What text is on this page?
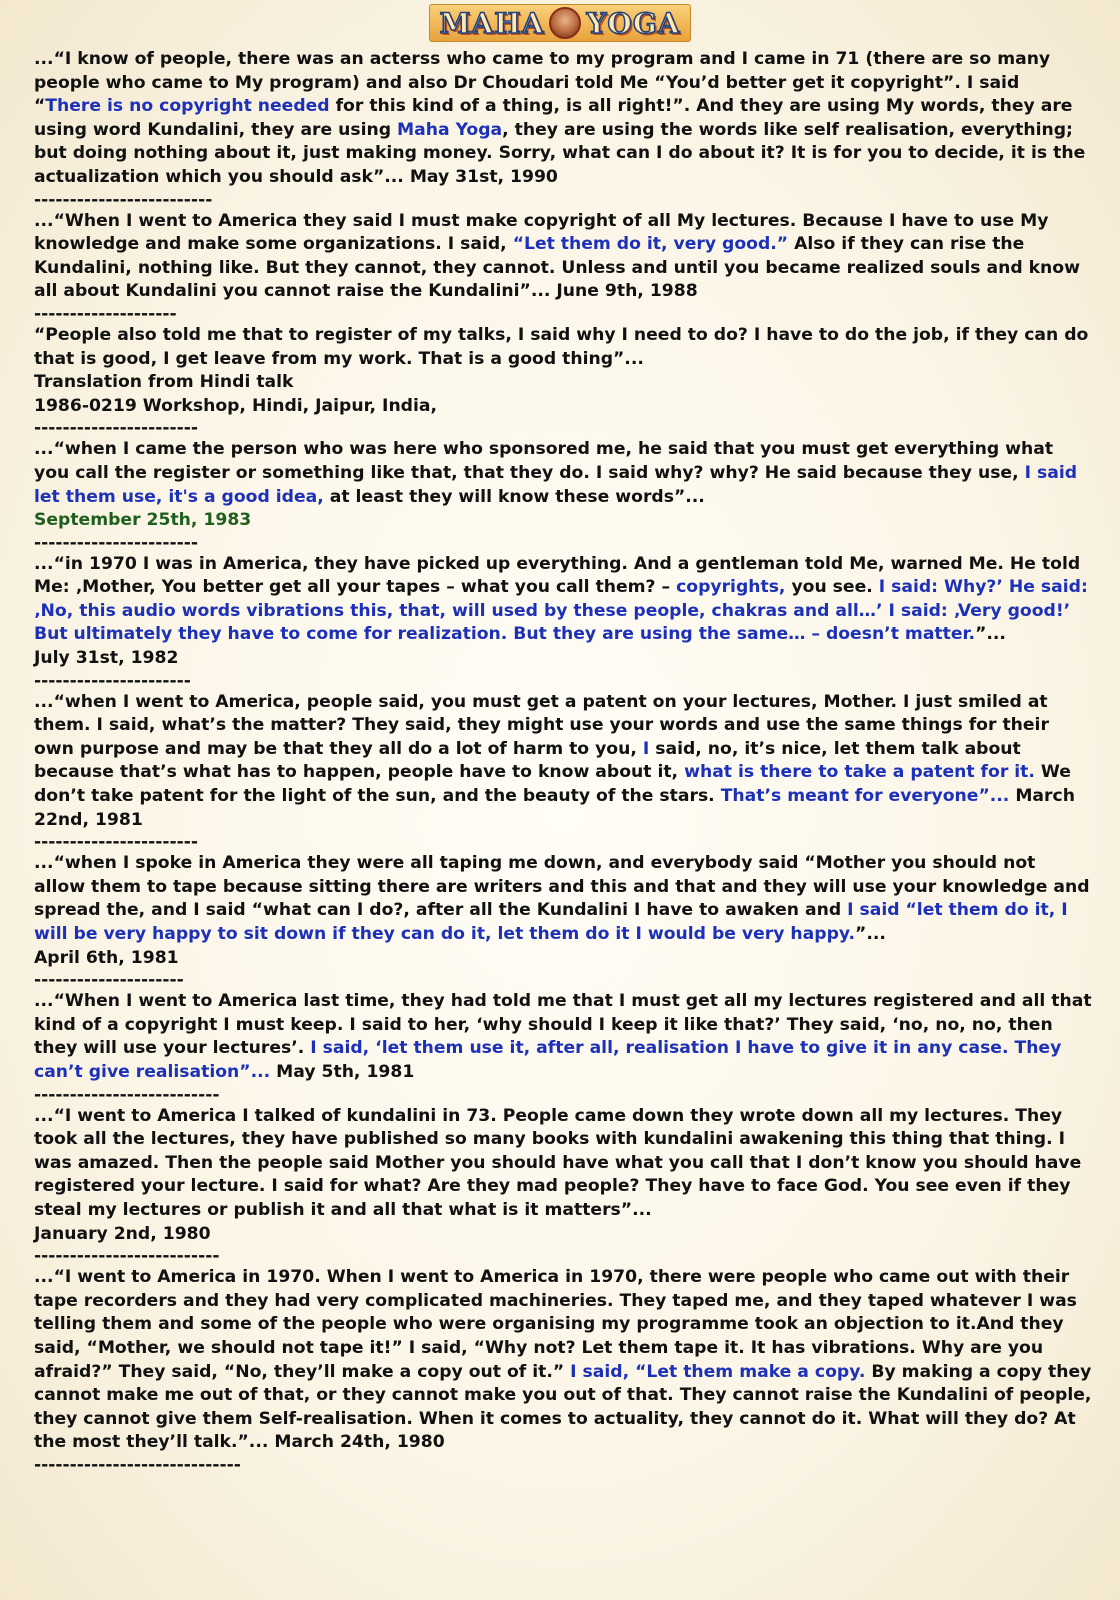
MAHA YOGA

...“I know of people, there was an acterss who came to my program and I came in 71 (there are so many people who came to My program) and also Dr Choudari told Me “You’d better get it copyright”. I said “There is no copyright needed for this kind of a thing, is all right!”. And they are using My words, they are using word Kundalini, they are using Maha Yoga, they are using the words like self realisation, everything; but doing nothing about it, just making money. Sorry, what can I do about it? It is for you to decide, it is the actualization which you should ask”... May 31st, 1990

-------------------------

...“When I went to America they said I must make copyright of all My lectures. Because I have to use My knowledge and make some organizations. I said, “Let them do it, very good.” Also if they can rise the Kundalini, nothing like. But they cannot, they cannot. Unless and until you became realized souls and know all about Kundalini you cannot raise the Kundalini”... June 9th, 1988

--------------------

“People also told me that to register of my talks, I said why I need to do? I have to do the job, if they can do that is good, I get leave from my work. That is a good thing”...

Translation from Hindi talk

1986-0219 Workshop, Hindi, Jaipur, India,

-----------------------

...“when I came the person who was here who sponsored me, he said that you must get everything what you call the register or something like that, that they do. I said why? why? He said because they use, I said let them use, it's a good idea, at least they will know these words”...

September 25th, 1983

-----------------------

...“in 1970 I was in America, they have picked up everything. And a gentleman told Me, warned Me. He told Me: ‚Mother, You better get all your tapes – what you call them? – copyrights, you see. I said: Why?’ He said: ‚No, this audio words vibrations this, that, will used by these people, chakras and all…’ I said: ‚Very good!’ But ultimately they have to come for realization. But they are using the same… – doesn’t matter.”...

July 31st, 1982

----------------------

...“when I went to America, people said, you must get a patent on your lectures, Mother. I just smiled at them. I said, what’s the matter? They said, they might use your words and use the same things for their own purpose and may be that they all do a lot of harm to you, I said, no, it’s nice, let them talk about because that’s what has to happen, people have to know about it, what is there to take a patent for it. We don’t take patent for the light of the sun, and the beauty of the stars. That’s meant for everyone”... March 22nd, 1981

-----------------------

...“when I spoke in America they were all taping me down, and everybody said “Mother you should not allow them to tape because sitting there are writers and this and that and they will use your knowledge and spread the, and I said “what can I do?, after all the Kundalini I have to awaken and I said “let them do it, I will be very happy to sit down if they can do it, let them do it I would be very happy.”...

April 6th, 1981

---------------------

...“When I went to America last time, they had told me that I must get all my lectures registered and all that kind of a copyright I must keep. I said to her, ‘why should I keep it like that?’ They said, ‘no, no, no, then they will use your lectures’. I said, ‘let them use it, after all, realisation I have to give it in any case. They can’t give realisation”... May 5th, 1981

--------------------------

...“I went to America I talked of kundalini in 73. People came down they wrote down all my lectures. They took all the lectures, they have published so many books with kundalini awakening this thing that thing. I was amazed. Then the people said Mother you should have what you call that I don’t know you should have registered your lecture. I said for what? Are they mad people? They have to face God. You see even if they steal my lectures or publish it and all that what is it matters”...

January 2nd, 1980

--------------------------

...“I went to America in 1970. When I went to America in 1970, there were people who came out with their tape recorders and they had very complicated machineries. They taped me, and they taped whatever I was telling them and some of the people who were organising my programme took an objection to it.And they said, “Mother, we should not tape it!” I said, “Why not? Let them tape it. It has vibrations. Why are you afraid?” They said, “No, they’ll make a copy out of it.” I said, “Let them make a copy. By making a copy they cannot make me out of that, or they cannot make you out of that. They cannot raise the Kundalini of people, they cannot give them Self-realisation. When it comes to actuality, they cannot do it. What will they do? At the most they’ll talk.”... March 24th, 1980

-----------------------------
